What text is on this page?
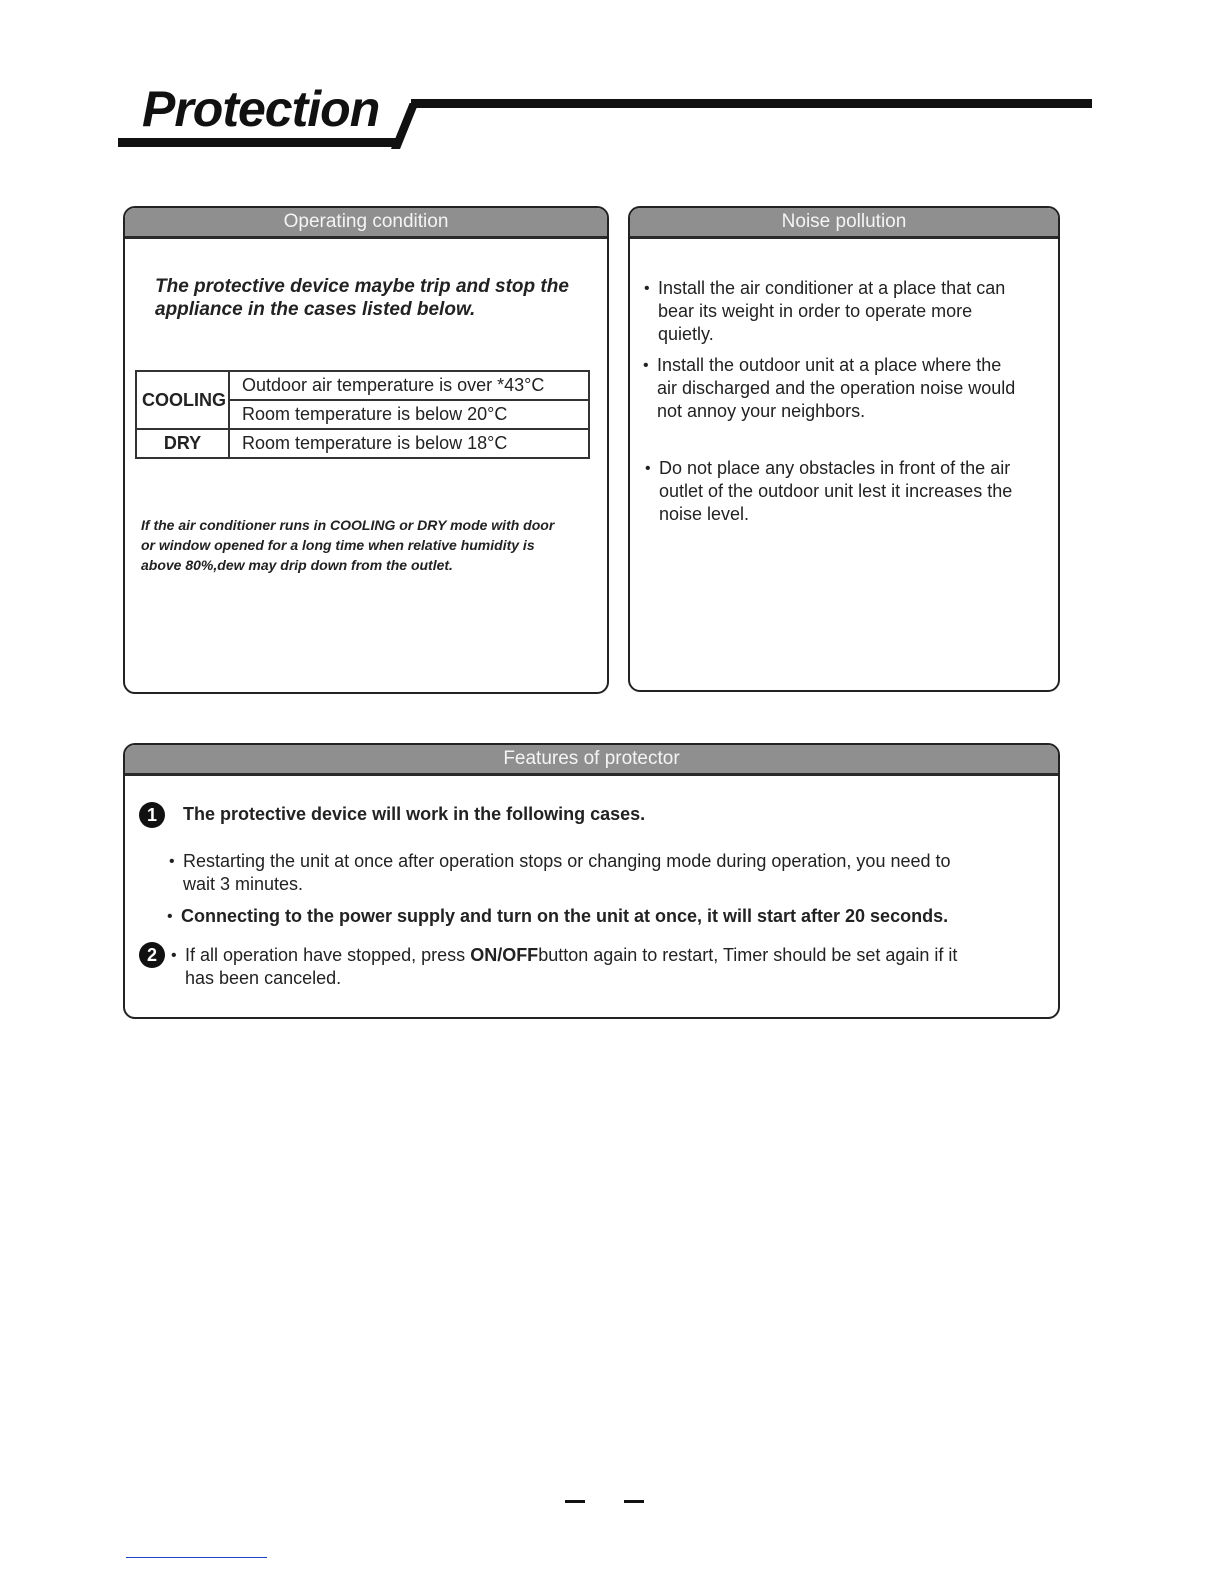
Protection
Operating condition

The protective device maybe trip and stop the appliance in the cases listed below.

COOLING	Outdoor air temperature is over *43°C
	Room temperature is below 20°C
DRY	Room temperature is below 18°C

If the air conditioner runs in COOLING or DRY mode with door or window opened for a long time when relative humidity is above 80%,dew may drip down from the outlet.

Noise pollution

• Install the air conditioner at a place that can bear its weight in order to operate more quietly.

• Install the outdoor unit at a place where the air discharged and the operation noise would not annoy your neighbors.

• Do not place any obstacles in front of the air outlet of the outdoor unit lest it increases the noise level.

Features of protector
1	The protective device will work in the following cases.

• Restarting the unit at once after operation stops or changing mode during operation, you need to wait 3 minutes.

• Connecting to the power supply and turn on the unit at once, it will start after 20 seconds.

2 • If all operation have stopped, press ON/OFFbutton again to restart, Timer should be set again if it has been canceled.
